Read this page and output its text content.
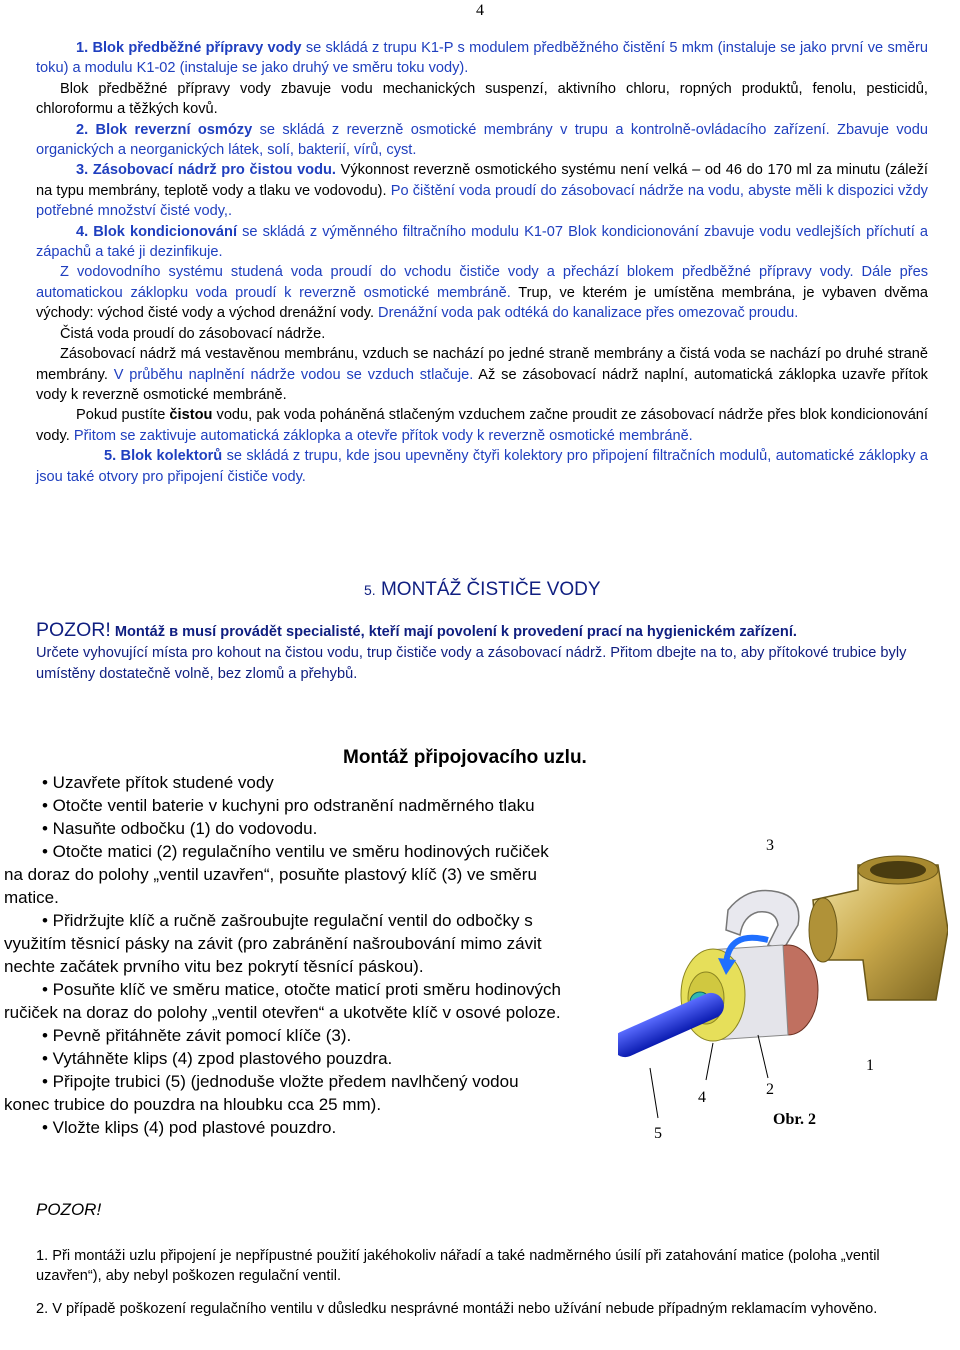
4

1. Blok předběžné přípravy vody se skládá z trupu K1-P s modulem předběžného čistění 5 mkm (instaluje se jako první ve směru toku) a modulu K1-02 (instaluje se jako druhý ve směru toku vody).

Blok předběžné přípravy vody zbavuje vodu mechanických suspenzí, aktivního chloru, ropných produktů, fenolu, pesticidů, chloroformu a těžkých kovů.

2. Blok reverzní osmózy se skládá z reverzně osmotické membrány v trupu a kontrolně-ovládacího zařízení. Zbavuje vodu organických a neorganických látek, solí, bakterií, vírů, cyst.

3. Zásobovací nádrž pro čistou vodu. Výkonnost reverzně osmotického systému není velká – od 46 do 170 ml za minutu (záleží na typu membrány, teplotě vody a tlaku ve vodovodu). Po čištění voda proudí do zásobovací nádrže na vodu, abyste měli k dispozici vždy potřebné množství čisté vody,.

4. Blok kondicionování se skládá z výměnného filtračního modulu K1-07 Blok kondicionování zbavuje vodu vedlejších příchutí a zápachů a také ji dezinfikuje.

Z vodovodního systému studená voda proudí do vchodu čističe vody a přechází blokem předběžné přípravy vody. Dále přes automatickou záklopku voda proudí k reverzně osmotické membráně. Trup, ve kterém je umístěna membrána, je vybaven dvěma východy: východ čisté vody a východ drenážní vody. Drenážní voda pak odtéká do kanalizace přes omezovač proudu.

Čistá voda proudí do zásobovací nádrže.

Zásobovací nádrž má vestavěnou membránu, vzduch se nachází po jedné straně membrány a čistá voda se nachází po druhé straně membrány. V průběhu naplnění nádrže vodou se vzduch stlačuje. Až se zásobovací nádrž naplní, automatická záklopka uzavře přítok vody k reverzně osmotické membráně.

Pokud pustíte čistou vodu, pak voda poháněná stlačeným vzduchem začne proudit ze zásobovací nádrže přes blok kondicionování vody. Přitom se zaktivuje automatická záklopka a otevře přítok vody k reverzně osmotické membráně.

5. Blok kolektorů se skládá z trupu, kde jsou upevněny čtyři kolektory pro připojení filtračních modulů, automatické záklopky a jsou také otvory pro připojení čističe vody.

5. MONTÁŽ ČISTIČE VODY
POZOR! Montáž в musí provádět specialisté, kteří mají povolení k provedení prací na hygienickém zařízení.
Určete vyhovující místa pro kohout na čistou vodu, trup čističe vody a zásobovací nádrž. Přitom dbejte na to, aby přítokové trubice byly umístěny dostatečně volně, bez zlomů a přehybů.
Montáž připojovacího uzlu.

• Uzavřete přítok studené vody

• Otočte ventil baterie v kuchyni pro odstranění nadměrného tlaku

• Nasuňte odbočku (1) do vodovodu.

• Otočte matici (2) regulačního ventilu ve směru hodinových ručiček

na doraz do polohy „ventil uzavřen“, posuňte plastový klíč (3) ve směru

matice.

• Přidržujte klíč a ručně zašroubujte regulační ventil do odbočky s

využitím těsnicí pásky na závit (pro zabránění našroubování mimo závit

nechte začátek prvního vitu bez pokrytí těsnící páskou).

• Posuňte klíč ve směru matice, otočte maticí proti směru hodinových

ručiček na doraz do polohy „ventil otevřen“ a ukotvěte klíč v osové poloze.

• Pevně přitáhněte závit pomocí klíče (3).

• Vytáhněte klips (4) zpod plastového pouzdra.

• Připojte trubici (5) (jednoduše vložte předem navlhčený vodou

konec trubice do pouzdra na hloubku cca 25 mm).

• Vložte klips (4) pod plastové pouzdro.

3
1
2
4
5
Obr. 2
POZOR!

1. Při montáži uzlu připojení je nepřípustné použití jakéhokoliv nářadí a také nadměrného úsilí při zatahování matice (poloha „ventil uzavřen“), aby nebyl poškozen regulační ventil.

2. V případě poškození regulačního ventilu v důsledku nesprávné montáži nebo užívání nebude případným reklamacím vyhověno.
